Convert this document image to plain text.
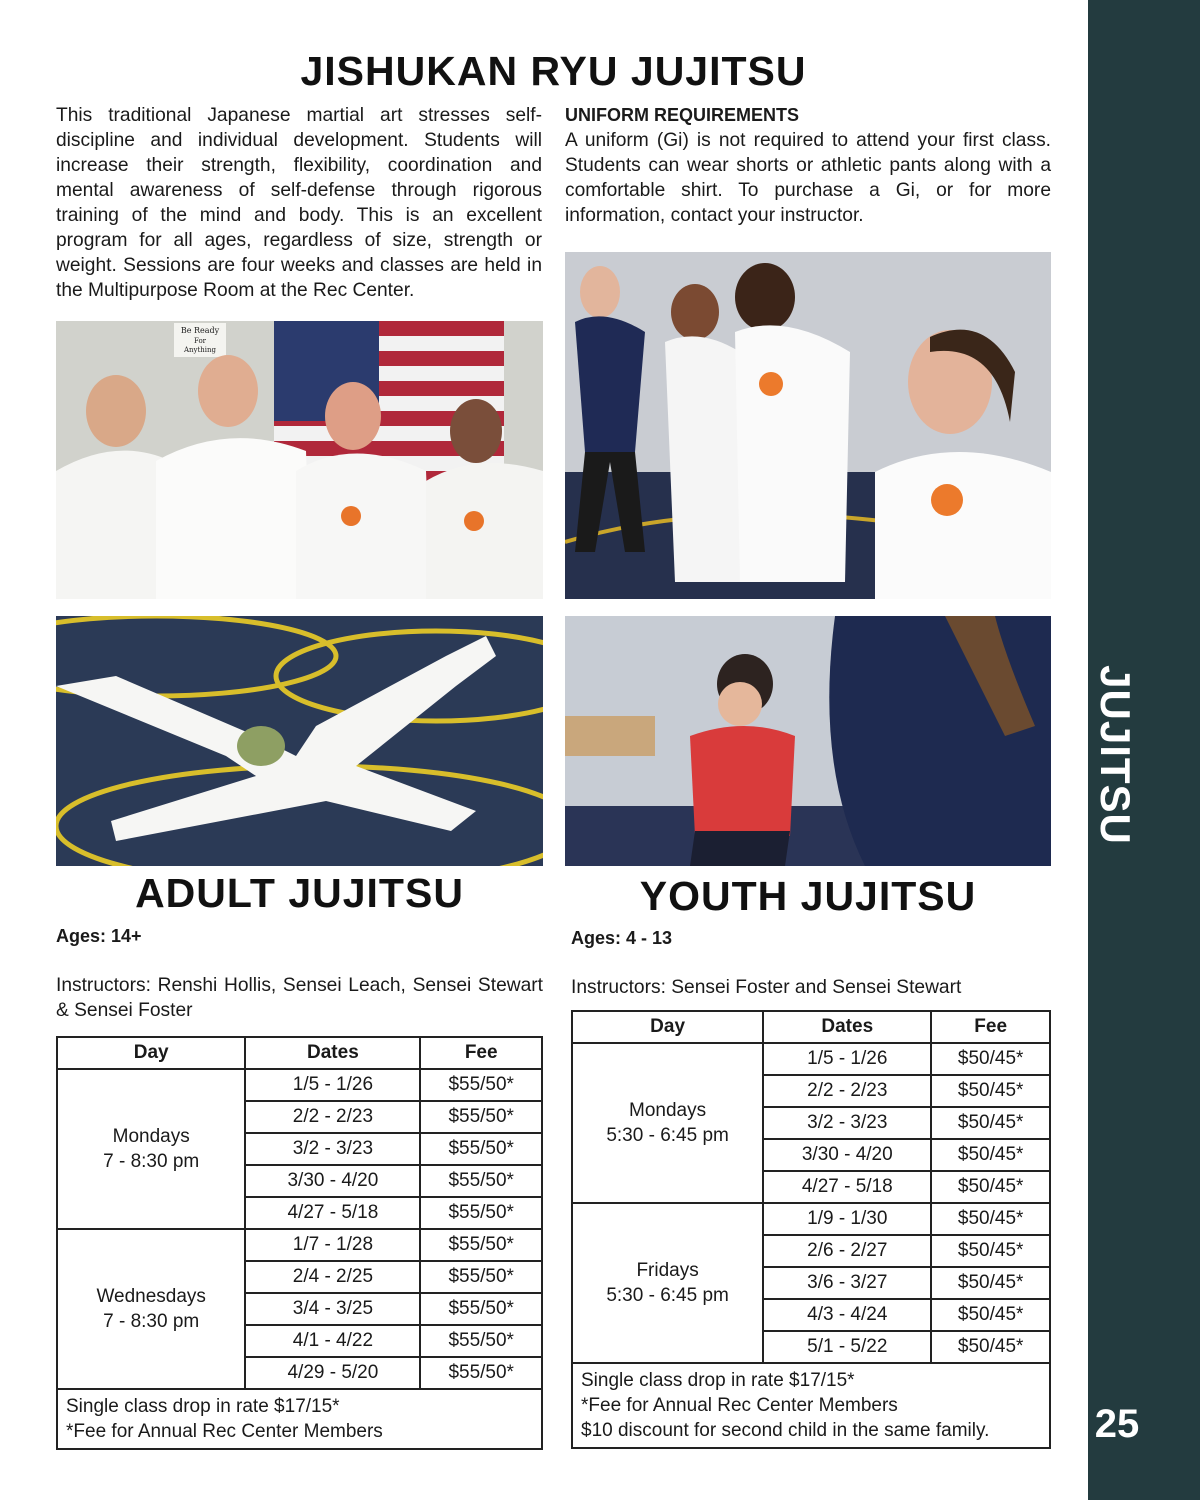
JUJITSU
25
JISHUKAN RYU JUJITSU

This traditional Japanese martial art stresses self-discipline and individual development. Students will increase their strength, flexibility, coordination and mental awareness of self-defense through rigorous training of the mind and body. This is an excellent program for all ages, regardless of size, strength or weight. Sessions are four weeks and classes are held in the Multipurpose Room at the Rec Center.

UNIFORM REQUIREMENTS

A uniform (Gi) is not required to attend your first class. Students can wear shorts or athletic pants along with a comfortable shirt. To purchase a Gi, or for more information, contact your instructor.

Be Ready
For
Anything
ADULT JUJITSU	YOUTH JUJITSU
Ages: 14+	Ages: 4 - 13
Instructors: Renshi Hollis, Sensei Leach, Sensei Stewart & Sensei Foster
Instructors: Sensei Foster and Sensei Stewart
Day	Dates	Fee

Mondays
7 - 8:30 pm	1/5 - 1/26	$55/50*
	2/2 - 2/23	$55/50*
	3/2 - 3/23	$55/50*
	3/30 - 4/20	$55/50*
	4/27 - 5/18	$55/50*

Wednesdays
7 - 8:30 pm	1/7 - 1/28	$55/50*
	2/4 - 2/25	$55/50*
	3/4 - 3/25	$55/50*
	4/1 - 4/22	$55/50*
	4/29 - 5/20	$55/50*

Single class drop in rate $17/15*
*Fee for Annual Rec Center Members		
Day	Dates	Fee

Mondays
5:30 - 6:45 pm	1/5 - 1/26	$50/45*
	2/2 - 2/23	$50/45*
	3/2 - 3/23	$50/45*
	3/30 - 4/20	$50/45*
	4/27 - 5/18	$50/45*

Fridays
5:30 - 6:45 pm	1/9 - 1/30	$50/45*
	2/6 - 2/27	$50/45*
	3/6 - 3/27	$50/45*
	4/3 - 4/24	$50/45*
	5/1 - 5/22	$50/45*

Single class drop in rate $17/15*
*Fee for Annual Rec Center Members
$10 discount for second child in the same family.		
